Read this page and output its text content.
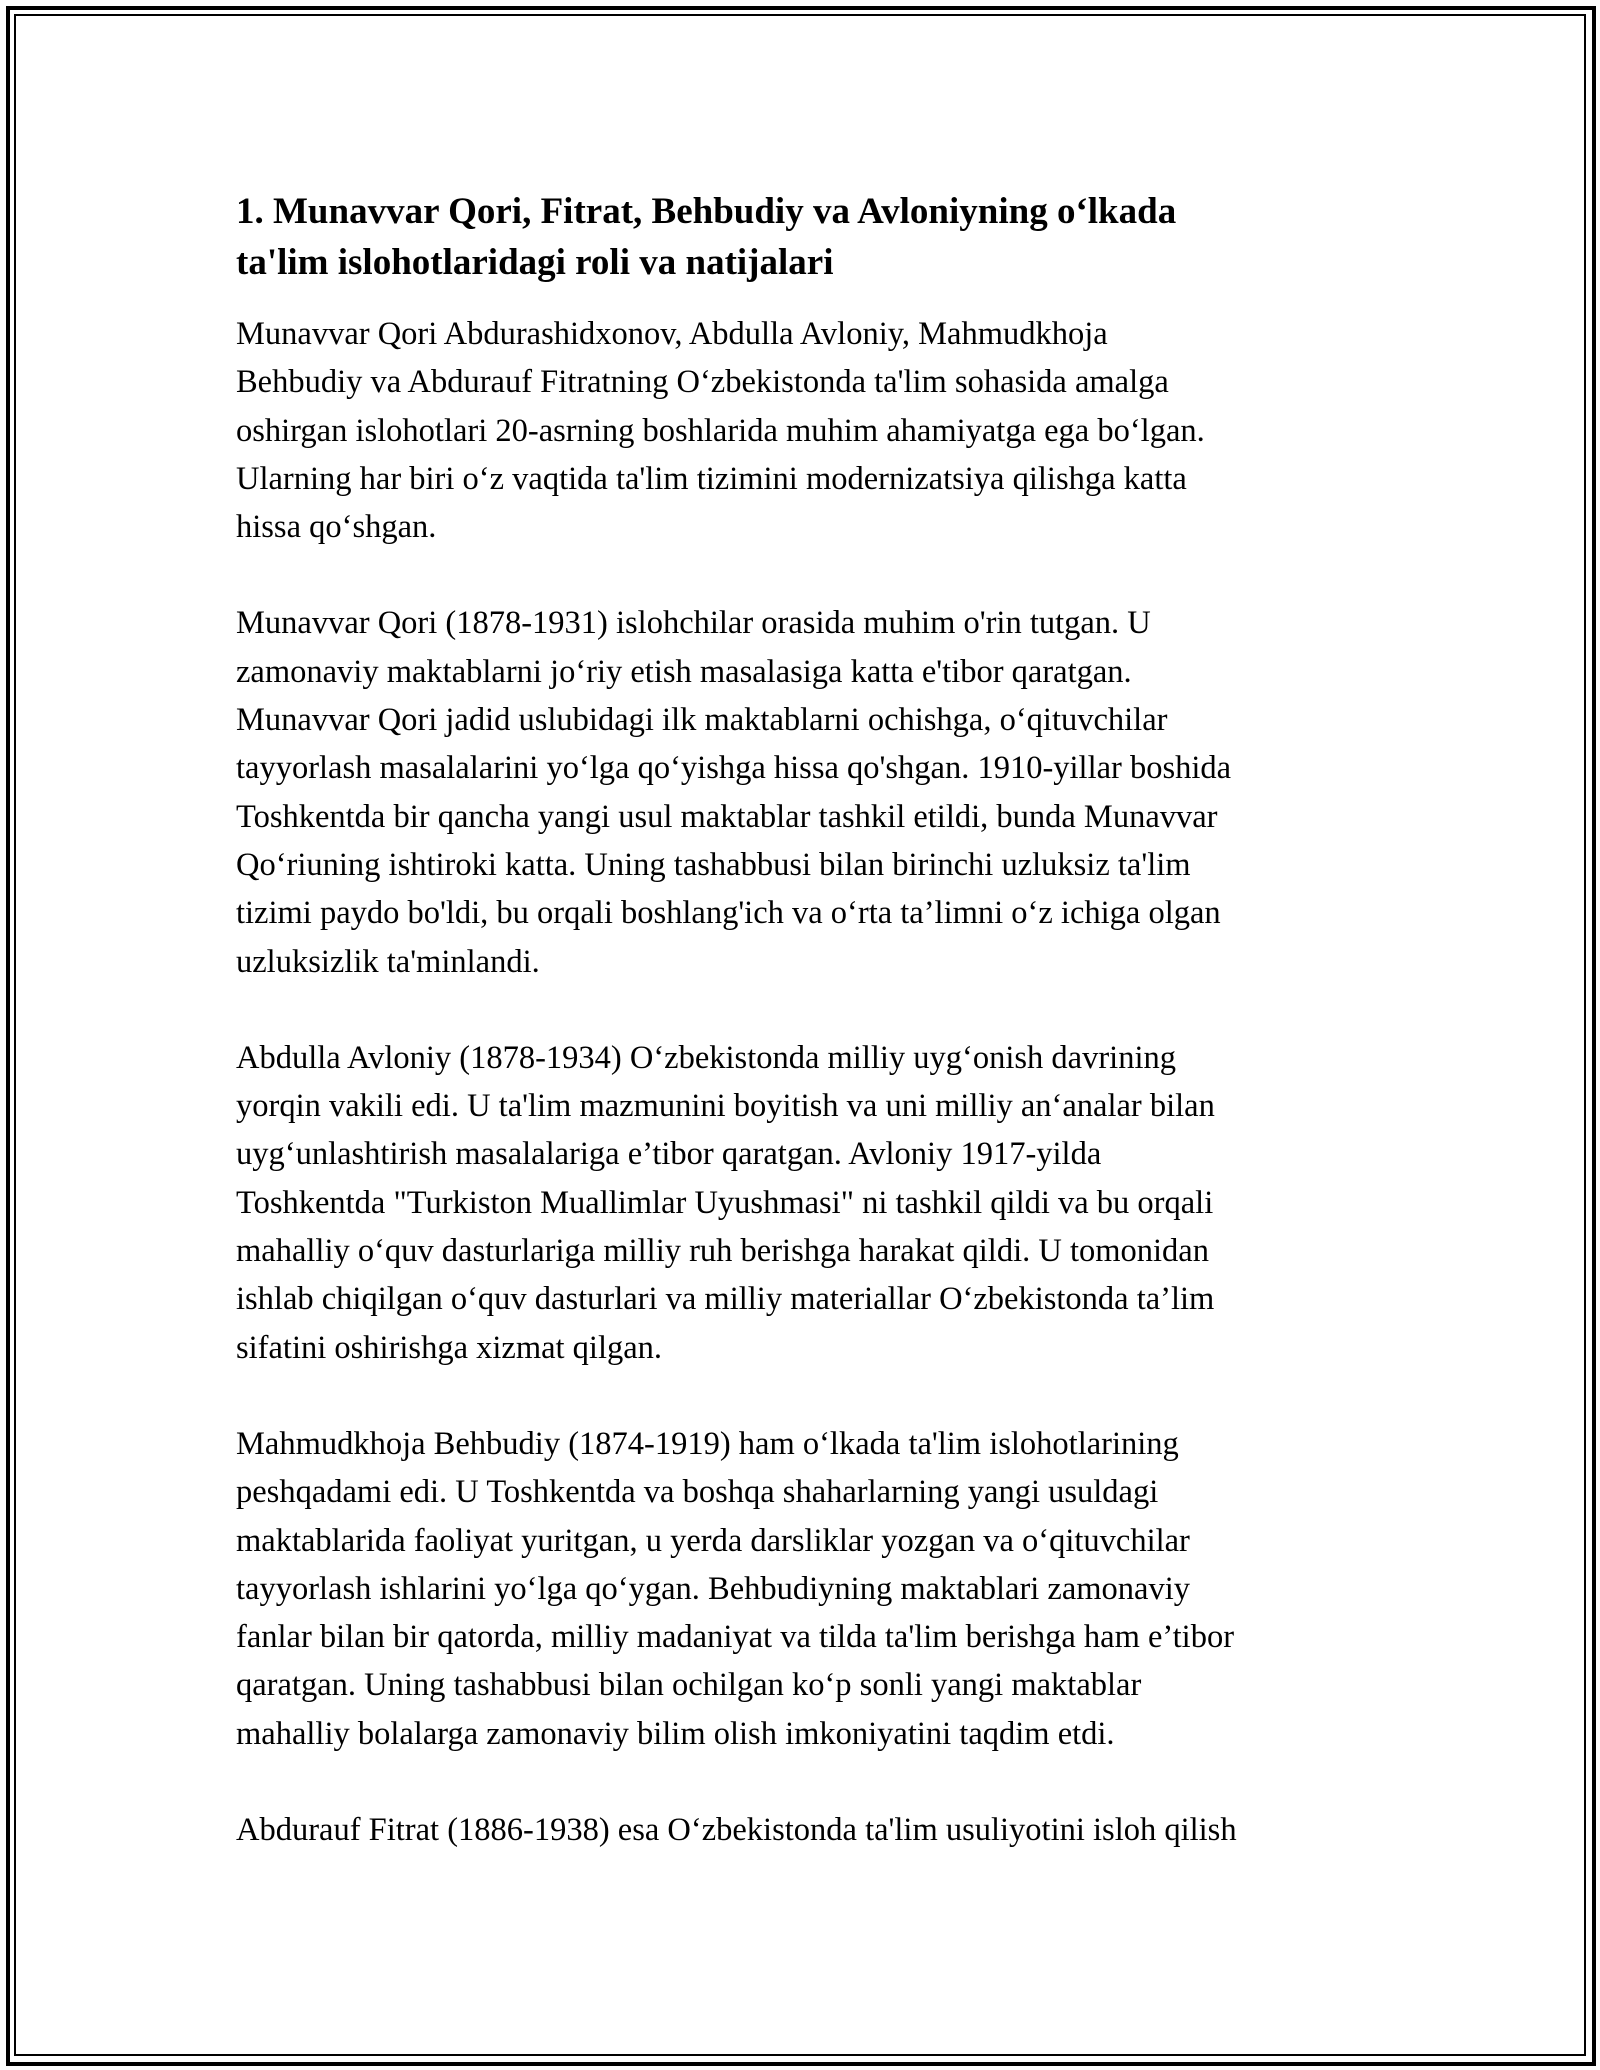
1. Munavvar Qori, Fitrat, Behbudiy va Avloniyning o‘lkada
ta'lim islohotlaridagi roli va natijalari

Munavvar Qori Abdurashidxonov, Abdulla Avloniy, Mahmudkhoja
Behbudiy va Abdurauf Fitratning O‘zbekistonda ta'lim sohasida amalga
oshirgan islohotlari 20-asrning boshlarida muhim ahamiyatga ega bo‘lgan.
Ularning har biri o‘z vaqtida ta'lim tizimini modernizatsiya qilishga katta
hissa qo‘shgan.

Munavvar Qori (1878-1931) islohchilar orasida muhim o'rin tutgan. U
zamonaviy maktablarni jo‘riy etish masalasiga katta e'tibor qaratgan.
Munavvar Qori jadid uslubidagi ilk maktablarni ochishga, o‘qituvchilar
tayyorlash masalalarini yo‘lga qo‘yishga hissa qo'shgan. 1910-yillar boshida
Toshkentda bir qancha yangi usul maktablar tashkil etildi, bunda Munavvar
Qo‘riuning ishtiroki katta. Uning tashabbusi bilan birinchi uzluksiz ta'lim
tizimi paydo bo'ldi, bu orqali boshlang'ich va o‘rta ta’limni o‘z ichiga olgan
uzluksizlik ta'minlandi.

Abdulla Avloniy (1878-1934) O‘zbekistonda milliy uyg‘onish davrining
yorqin vakili edi. U ta'lim mazmunini boyitish va uni milliy an‘analar bilan
uyg‘unlashtirish masalalariga e’tibor qaratgan. Avloniy 1917-yilda
Toshkentda "Turkiston Muallimlar Uyushmasi" ni tashkil qildi va bu orqali
mahalliy o‘quv dasturlariga milliy ruh berishga harakat qildi. U tomonidan
ishlab chiqilgan o‘quv dasturlari va milliy materiallar O‘zbekistonda ta’lim
sifatini oshirishga xizmat qilgan.

Mahmudkhoja Behbudiy (1874-1919) ham o‘lkada ta'lim islohotlarining
peshqadami edi. U Toshkentda va boshqa shaharlarning yangi usuldagi
maktablarida faoliyat yuritgan, u yerda darsliklar yozgan va o‘qituvchilar
tayyorlash ishlarini yo‘lga qo‘ygan. Behbudiyning maktablari zamonaviy
fanlar bilan bir qatorda, milliy madaniyat va tilda ta'lim berishga ham e’tibor
qaratgan. Uning tashabbusi bilan ochilgan ko‘p sonli yangi maktablar
mahalliy bolalarga zamonaviy bilim olish imkoniyatini taqdim etdi.

Abdurauf Fitrat (1886-1938) esa O‘zbekistonda ta'lim usuliyotini isloh qilish
